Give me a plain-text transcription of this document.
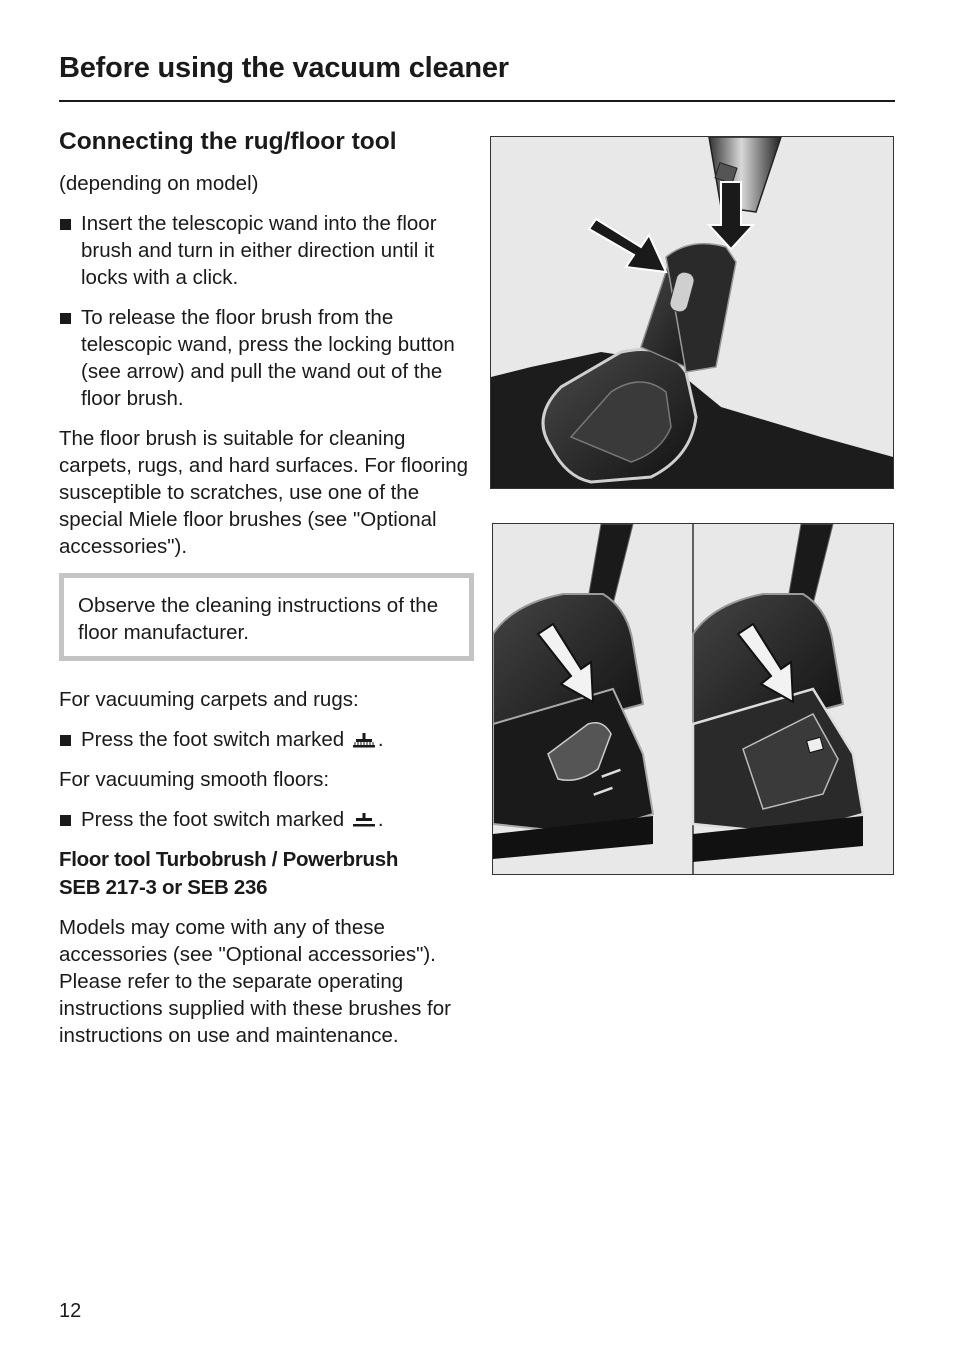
Before using the vacuum cleaner
Connecting the rug/floor tool

(depending on model)

Insert the telescopic wand into the floor brush and turn in either direction until it locks with a click.
To release the floor brush from the telescopic wand, press the locking button (see arrow) and pull the wand out of the floor brush.

The floor brush is suitable for cleaning carpets, rugs, and hard surfaces. For flooring susceptible to scratches, use one of the special Miele floor brushes (see "Optional accessories").

Observe the cleaning instructions of the floor manufacturer.

For vacuuming carpets and rugs:

Press the foot switch marked .

For vacuuming smooth floors:

Press the foot switch marked .
Floor tool Turbobrush / Powerbrush
SEB 217-3 or SEB 236

Models may come with any of these accessories (see "Optional accessories"). Please refer to the separate operating instructions supplied with these brushes for instructions on use and maintenance.

12
